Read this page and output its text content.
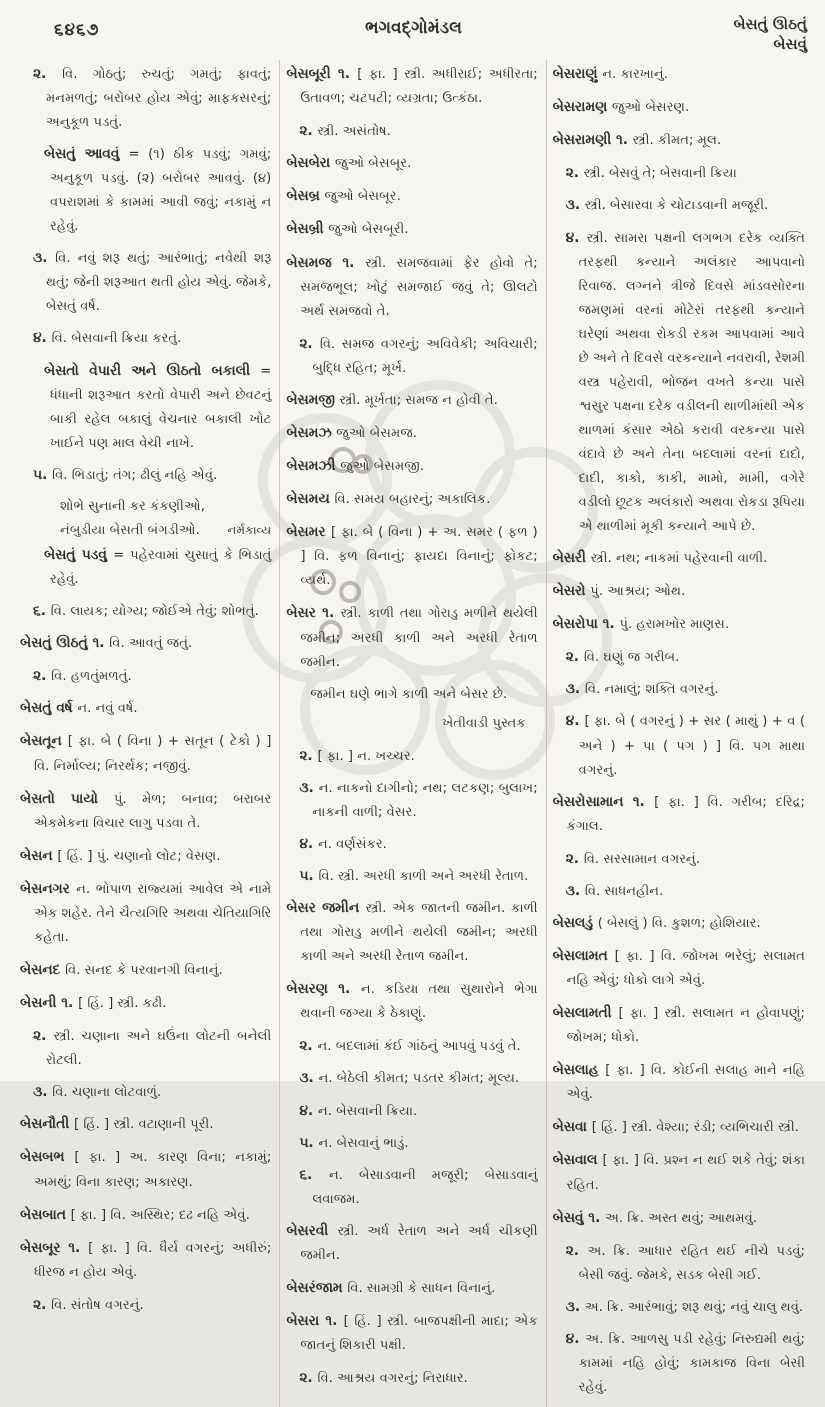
૬૪૬૭	ભગવદ્ગોમંડલ	બેસતું ઊઠતું
બેસવું

૨. વિ. ગોઠતું; રુચતું; ગમતું; ફાવતું; મનમળતું; બરોબર હોય એવું; માફકસરનું; અનુકૂળ પડતું.

બેસતું આવવું = (૧) ઠીક પડવું; ગમવું; અનુકૂળ પડવું. (૨) બરોબર આવવું. (૪) વપરાશમાં કે કામમાં આવી જવું; નકામું ન રહેવું.

૩. વિ. નવું શરૂ થતું; આરંભાતું; નવેથી શરૂ થતું; જેની શરૂઆત થતી હોય એવું. જેમકે, બેસતું વર્ષ.

૪. વિ. બેસવાની ક્રિયા કરતું.

બેસતો વેપારી અને ઊઠતો બકાલી = ધંધાની શરૂઆત કરતો વેપારી અને છેવટનું બાકી રહેલ બકાલું વેચનાર બકાલી ખોટ ખાઈને પણ માલ વેચી નાખે.

૫. વિ. ભિડાતું; તંગ; ઢીલું નહિ એવું.

શોભે સુનાની કર કંકણીઓ,

નર્મકાવ્ય
નંબુડીયા બેસતી બંગડીઓ.

બેસતું પડવું = પહેરવામાં ચુસાતું કે ભિડાતું રહેવું.

૬. વિ. લાયક; યોગ્ય; જોઈએ તેવું; શોભતું.

બેસતું ઊઠતું ૧. વિ. આવતું જતું.

૨. વિ. હળતુંમળતું.

બેસતું વર્ષ ન. નવું વર્ષ.

બેસતૂન [ ફા. બે ( વિના ) + સતૂન ( ટેકો ) ] વિ. નિર્માલ્ય; નિરર્થક; નજીવું.

બેસતો પાયો પું. મેળ; બનાવ; બરાબર એકમેકના વિચાર લાગુ પડવા તે.

બેસન [ હિં. ] પું. ચણાનો લોટ; વેસણ.

બેસનગર ન. ભોપાળ રાજ્યમાં આવેલ એ નામે એક શહેર. તેને ચૈત્યગિરિ અથવા ચેતિયાગિરિ કહેતા.

બેસનદ વિ. સનદ કે પરવાનગી વિનાનું.

બેસની ૧. [ હિં. ] સ્ત્રી. કઢી.

૨. સ્ત્રી. ચણાના અને ઘઉંના લોટની બનેલી રોટલી.

૩. વિ. ચણાના લોટવાળું.

બેસનૌતી [ હિં. ] સ્ત્રી. વટાણાની પૂરી.

બેસબભ [ ફા. ] અ. કારણ વિના; નકામું; અમથું; વિના કારણ; અકારણ.

બેસબાત [ ફા. ] વિ. અસ્થિર; દઢ નહિ એવું.

બેસબૂર ૧. [ ફા. ] વિ. ધૈર્ય વગરનું; અધીરું; ધીરજ ન હોય એવું.

૨. વિ. સંતોષ વગરનું.

બેસબૂરી ૧. [ ફા. ] સ્ત્રી. અધીરાઈ; અધીરતા; ઉતાવળ; ચટપટી; વ્યગ્રતા; ઉત્કંઠા.

૨. સ્ત્રી. અસંતોષ.

બેસબેરા જુઓ બેસબૂર.

બેસબ્ર જુઓ બેસબૂર.

બેસબ્રી જુઓ બેસબૂરી.

બેસમજ ૧. સ્ત્રી. સમજવામાં ફેર હોવો તે; સમજભૂલ; ખોટું સમજાઈ જવું તે; ઊલટો અર્થ સમજવો તે.

૨. વિ. સમજ વગરનું; અવિવેકી; અવિચારી; બુદ્ધિ રહિત; મૂર્ખ.

બેસમજી સ્ત્રી. મૂર્ખતા; સમજ ન હોવી તે.

બેસમઝ જુઓ બેસમજ.

બેસમઝી જુઓ બેસમજી.

બેસમય વિ. સમય બહારનું; અકાલિક.

બેસમર [ ફા. બે ( વિના ) + અ. સમર ( ફળ ) ] વિ. ફળ વિનાનું; ફાયદા વિનાનું; ફોકટ; વ્યર્થ.

બેસર ૧. સ્ત્રી. કાળી તથા ગોરાડુ મળીને થયેલી જમીન; અરધી કાળી અને અરધી રેતાળ જમીન.

જમીન ઘણે ભાગે કાળી અને બેસર છે.

ખેતીવાડી પુસ્તક

૨. [ ફા. ] ન. ખચ્ચર.

૩. ન. નાકનો દાગીનો; નથ; લટકણ; બુલાખ; નાકની વાળી; વેસર.

૪. ન. વર્ણસંકર.

૫. વિ. સ્ત્રી. અરધી કાળી અને અરધી રેતાળ.

બેસર જમીન સ્ત્રી. એક જાતની જમીન. કાળી તથા ગોરાડુ મળીને થયેલી જમીન; અરધી કાળી અને અરધી રેતાળ જમીન.

બેસરણ ૧. ન. કડિયા તથા સુથારોને ભેગા થવાની જગ્યા કે ઠેકાણું.

૨. ન. બદલામાં કંઈ ગાંઠનું આપવું પડવું તે.

૩. ન. બેઠેલી કીમત; પડતર કીમત; મૂલ્ય.

૪. ન. બેસવાની ક્રિયા.

૫. ન. બેસવાનું ભાડું.

૬. ન. બેસાડવાની મજૂરી; બેસાડવાનું લવાજમ.

બેસરવી સ્ત્રી. અર્ધ રેતાળ અને અર્ધ ચીકણી જમીન.

બેસરંજામ વિ. સામગ્રી કે સાધન વિનાનું.

બેસરા ૧. [ હિં. ] સ્ત્રી. બાજપક્ષીની માદા; એક જાતનું શિકારી પક્ષી.

૨. વિ. આશ્રય વગરનું; નિરાધાર.

બેસરાણું ન. કારખાનું.

બેસરામણ જુઓ બેસરણ.

બેસરામણી ૧. સ્ત્રી. કીમત; મૂલ.

૨. સ્ત્રી. બેસવું તે; બેસવાની ક્રિયા

૩. સ્ત્રી. બેસારવા કે ચોટાડવાની મજૂરી.

૪. સ્ત્રી. સામરા પક્ષની લગભગ દરેક વ્યક્તિ તરફથી કન્યાને અલંકાર આપવાનો રિવાજ. લગ્નને ત્રીજે દિવસે માંડવસોરના જમણમાં વરનાં મોટેરાં તરફથી કન્યાને ઘરેણાં અથવા રોકડી રકમ આપવામાં આવે છે અને તે દિવસે વરકન્યાને નવરાવી, રેશમી વસ્ત્ર પહેરાવી, ભોજન વખતે કન્યા પાસે શ્વસુર પક્ષના દરેક વડીલની થાળીમાંથી એક થાળમાં કંસાર એઠો કરાવી વરકન્યા પાસે વંદાવે છે અને તેના બદલામાં વરનાં દાદો, દાદી, કાકો, કાકી, મામો, મામી, વગેરે વડીલો છૂટક અલંકારો અથવા રોકડા રૂપિયા એ થાળીમાં મૂકી કન્યાને આપે છે.

બેસરી સ્ત્રી. નથ; નાકમાં પહેરવાની વાળી.

બેસરો પું. આશ્રય; ઓથ.

બેસરોપા ૧. પું. હરામખોર માણસ.

૨. વિ. ઘણું જ ગરીબ.

૩. વિ. નમાલું; શક્તિ વગરનું.

૪. [ ફા. બે ( વગરનું ) + સર ( માથું ) + વ ( અને ) + પા ( પગ ) ] વિ. પગ માથા વગરનું.

બેસરોસામાન ૧. [ ફા. ] વિ. ગરીબ; દરિદ્ર; કંગાલ.

૨. વિ. સરસામાન વગરનું.

૩. વિ. સાધનહીન.

બેસલડું ( બેસલું ) વિ. કુશળ; હોશિયાર.

બેસલામત [ ફા. ] વિ. જોખમ ભરેલું; સલામત નહિ એવું; ધોકો લાગે એવું.

બેસલામતી [ ફા. ] સ્ત્રી. સલામત ન હોવાપણું; જોખમ; ધોકો.

બેસલાહ [ ફા. ] વિ. કોઈની સલાહ માને નહિ એવું.

બેસવા [ હિં. ] સ્ત્રી. વેશ્યા; રંડી; વ્યભિચારી સ્ત્રી.

બેસવાલ [ ફા. ] વિ. પ્રશ્ન ન થઈ શકે તેવું; શંકા રહિત.

બેસવું ૧. અ. ક્રિ. અસ્ત થવું; આથમવું.

૨. અ. ક્રિ. આધાર રહિત થઈ નીચે પડવું; બેસી જવું. જેમકે, સડક બેસી ગઈ.

૩. અ. ક્રિ. આરંભાવું; શરૂ થવું; નવું ચાલુ થવું.

૪. અ. ક્રિ. આળસુ પડી રહેવું; નિરુદ્યમી થવું; કામમાં નહિ હોવું; કામકાજ વિના બેસી રહેવું.
